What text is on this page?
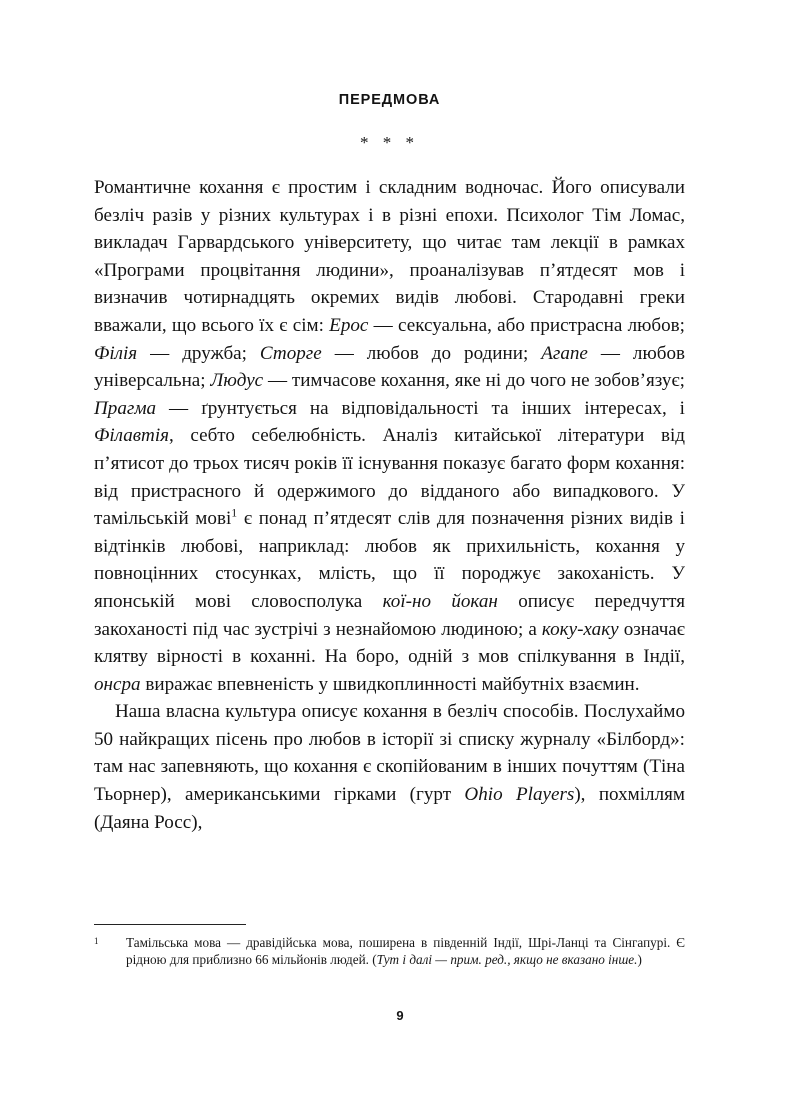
ПЕРЕДМОВА
* * *

Романтичне кохання є простим і складним водночас. Його описували безліч разів у різних культурах і в різні епохи. Психолог Тім Ломас, викладач Гарвардського університету, що читає там лекції в рамках «Програми процвітання людини», проаналізував п’ятдесят мов і визначив чотирнадцять окремих видів любові. Стародавні греки вважали, що всього їх є сім: Ерос — сексуальна, або пристрасна любов; Філія — дружба; Сторге — любов до родини; Агапе — любов універсальна; Людус — тимчасове кохання, яке ні до чого не зобов’язує; Прагма — ґрунтується на відповідальності та інших інтересах, і Філавтія, себто себелюбність. Аналіз китайської літератури від п’ятисот до трьох тисяч років її існування показує багато форм кохання: від пристрасного й одержимого до відданого або випадкового. У тамільській мові$^1$ є понад п’ятдесят слів для позначення різних видів і відтінків любові, наприклад: любов як прихильність, кохання у повноцінних стосунках, млість, що її породжує закоханість. У японській мові словосполука кої-но йокан описує передчуття закоханості під час зустрічі з незнайомою людиною; а коку-хаку означає клятву вірності в коханні. На боро, одній з мов спілкування в Індії, онсра виражає впевненість у швидкоплинності майбутніх взаємин.

Наша власна культура описує кохання в безліч способів. Послухаймо 50 найкращих пісень про любов в історії зі списку журналу «Білборд»: там нас запевняють, що кохання є скопійованим в інших почуттям (Тіна Тьорнер), американськими гірками (гурт Ohio Players), похміллям (Даяна Росс),

1 Тамільська мова — дравідійська мова, поширена в південній Індії, Шрі-Ланці та Сінгапурі. Є рідною для приблизно 66 мільйонів людей. (Тут і далі — прим. ред., якщо не вказано інше.)
9
